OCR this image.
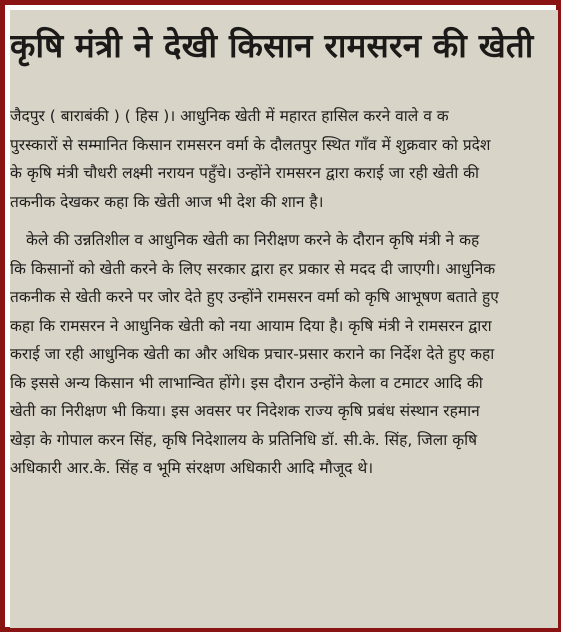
कृषि मंत्री ने देखी किसान रामसरन की खेती
जैदपुर ( बाराबंकी ) ( हिस )। आधुनिक खेती में महारत हासिल करने वाले व क
पुरस्कारों से सम्मानित किसान रामसरन वर्मा के दौलतपुर स्थित गाँव में शुक्रवार को प्रदेश
के कृषि मंत्री चौधरी लक्ष्मी नरायन पहुँचे। उन्होंने रामसरन द्वारा कराई जा रही खेती की
तकनीक देखकर कहा कि खेती आज भी देश की शान है।
केले की उन्नतिशील व आधुनिक खेती का निरीक्षण करने के दौरान कृषि मंत्री ने कह
कि किसानों को खेती करने के लिए सरकार द्वारा हर प्रकार से मदद दी जाएगी। आधुनिक
तकनीक से खेती करने पर जोर देते हुए उन्होंने रामसरन वर्मा को कृषि आभूषण बताते हुए
कहा कि रामसरन ने आधुनिक खेती को नया आयाम दिया है। कृषि मंत्री ने रामसरन द्वारा
कराई जा रही आधुनिक खेती का और अधिक प्रचार-प्रसार कराने का निर्देश देते हुए कहा
कि इससे अन्य किसान भी लाभान्वित होंगे। इस दौरान उन्होंने केला व टमाटर आदि की
खेती का निरीक्षण भी किया। इस अवसर पर निदेशक राज्य कृषि प्रबंध संस्थान रहमान
खेड़ा के गोपाल करन सिंह, कृषि निदेशालय के प्रतिनिधि डॉ. सी.के. सिंह, जिला कृषि
अधिकारी आर.के. सिंह व भूमि संरक्षण अधिकारी आदि मौजूद थे।
